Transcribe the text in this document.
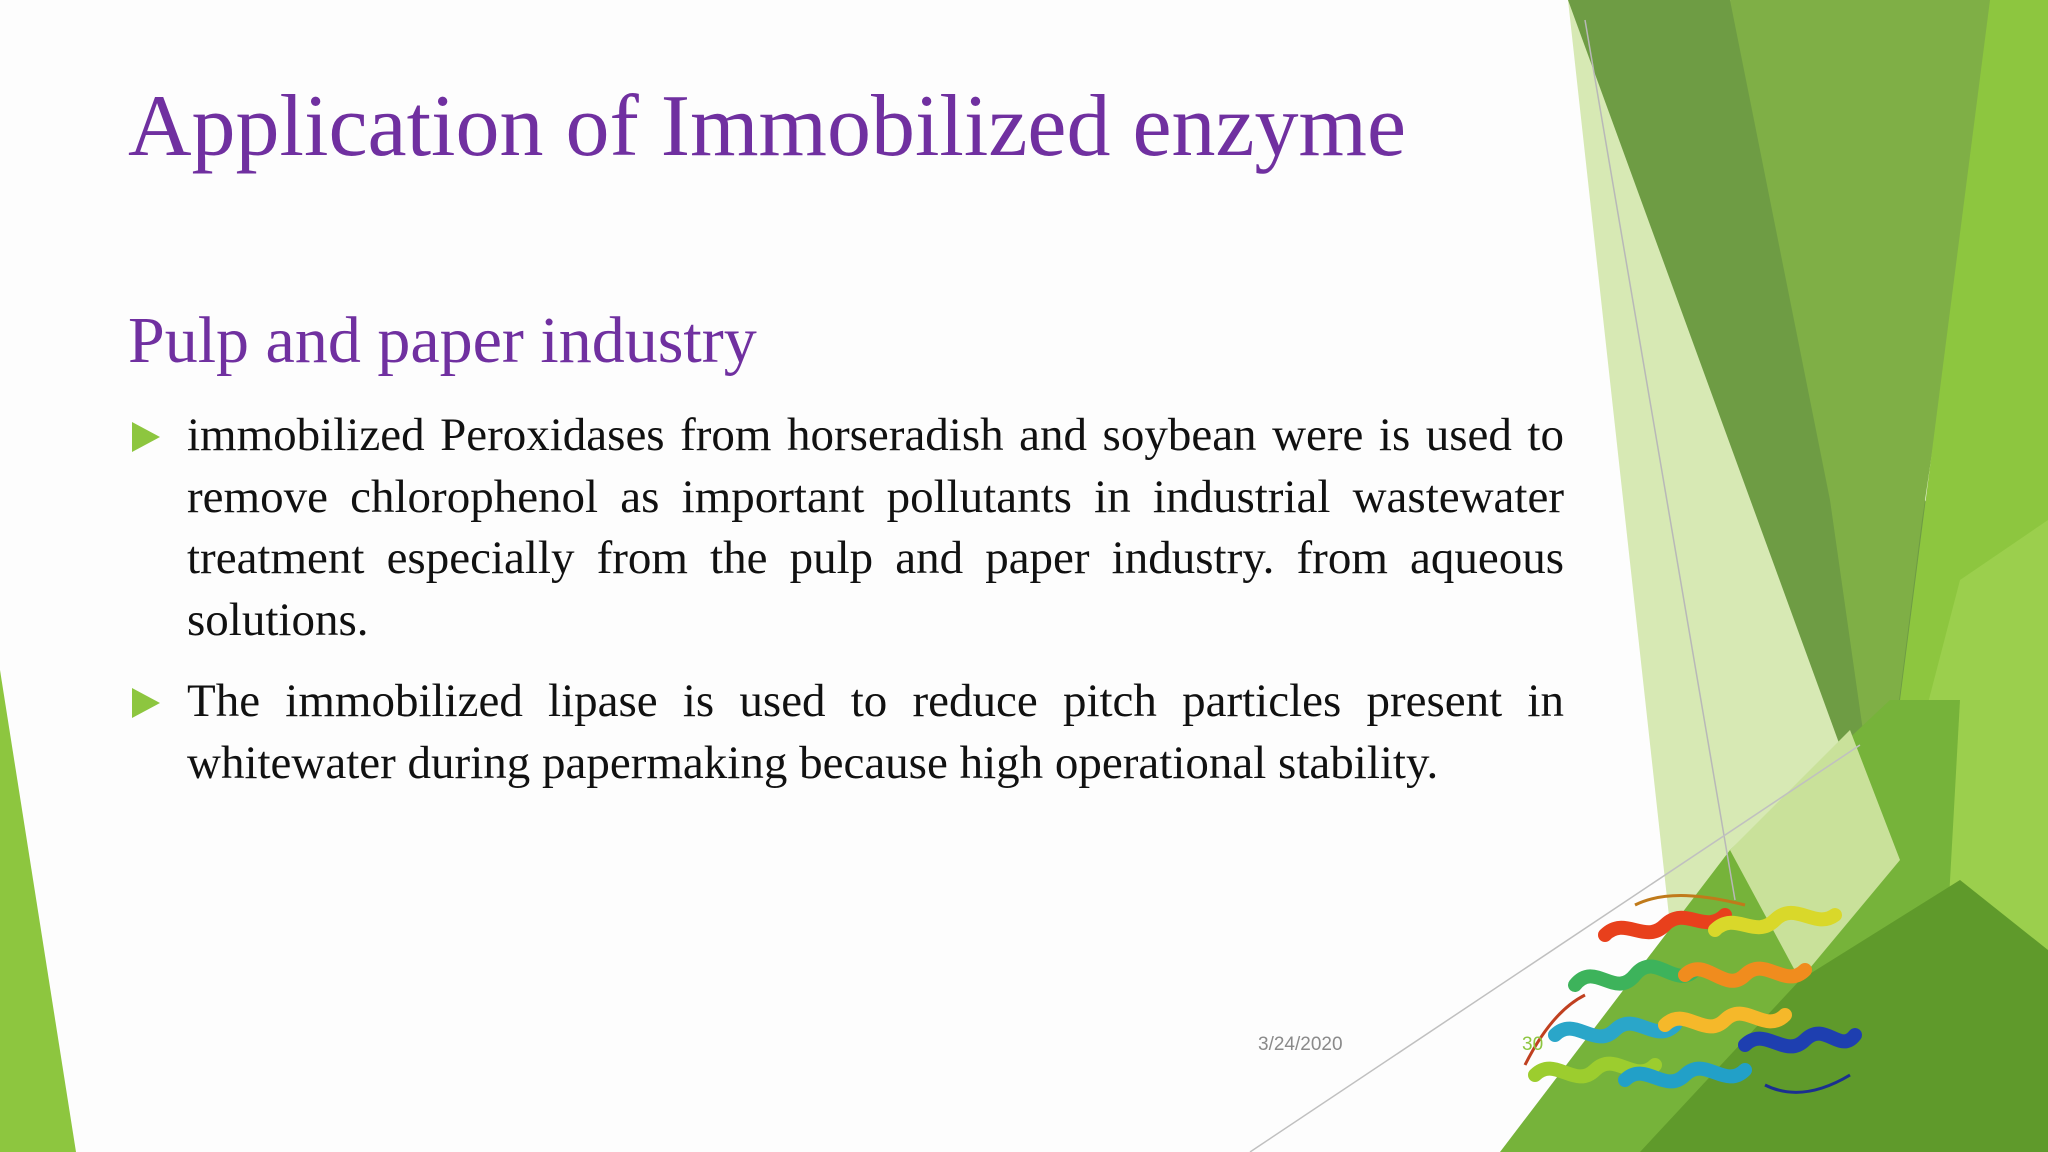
Application of Immobilized enzyme
Pulp and paper industry
immobilized Peroxidases from horseradish and soybean were is used to remove chlorophenol as important pollutants in industrial wastewater treatment especially from the pulp and paper industry. from aqueous solutions.
The immobilized lipase is used to reduce pitch particles present in whitewater during papermaking because high operational stability.
3/24/2020	30
